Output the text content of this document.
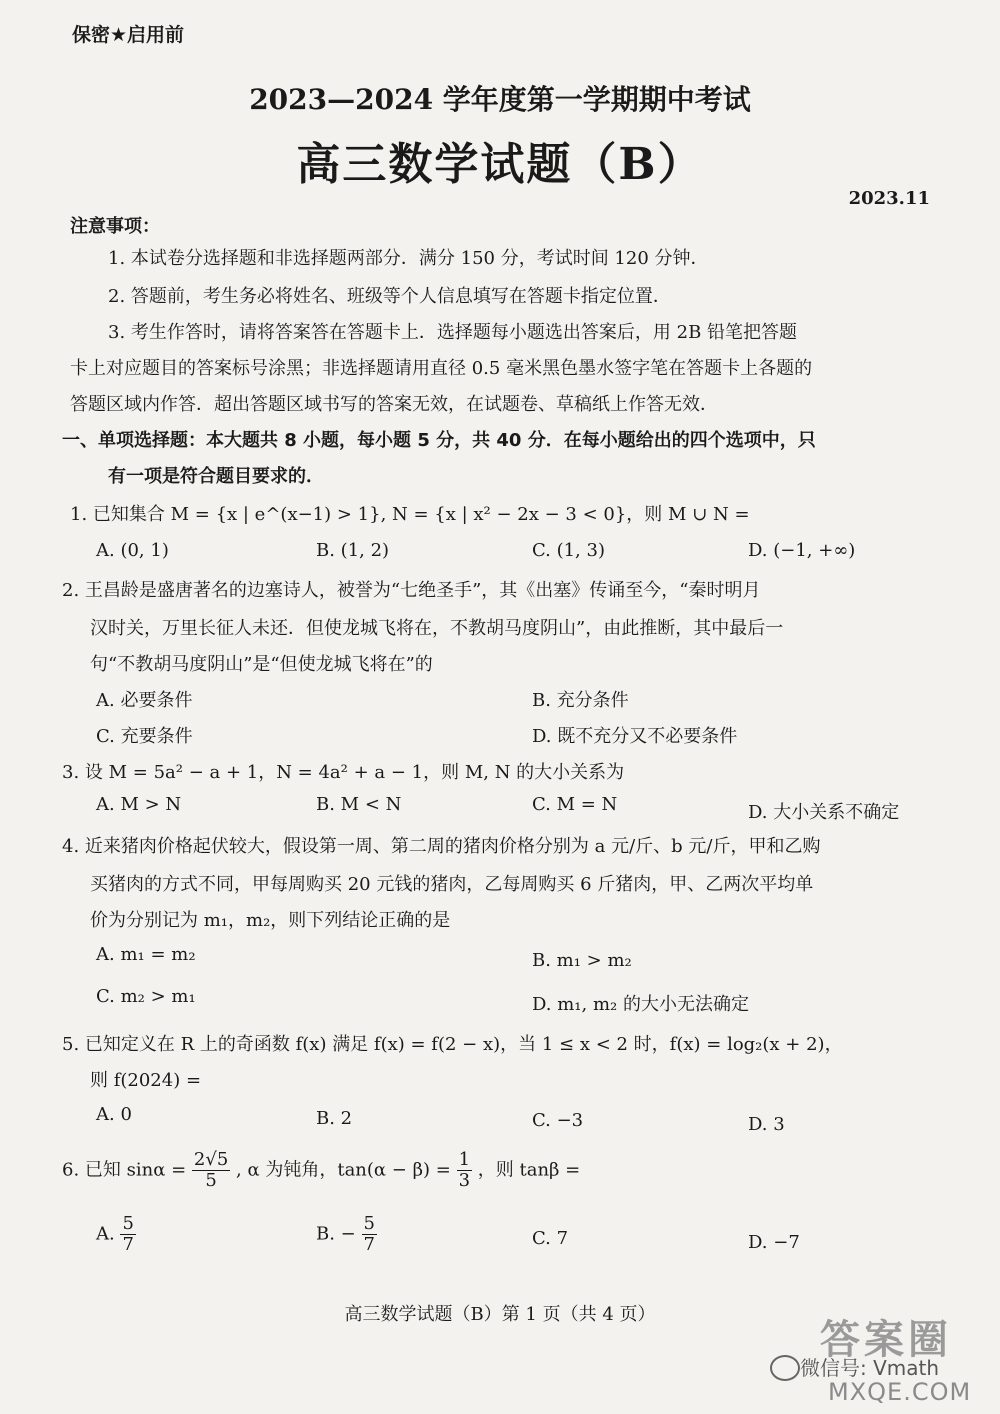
保密★启用前
2023—2024 学年度第一学期期中考试
高三数学试题（B）
2023.11
注意事项：
1. 本试卷分选择题和非选择题两部分．满分 150 分，考试时间 120 分钟．
2. 答题前，考生务必将姓名、班级等个人信息填写在答题卡指定位置．
3. 考生作答时，请将答案答在答题卡上．选择题每小题选出答案后，用 2B 铅笔把答题
卡上对应题目的答案标号涂黑；非选择题请用直径 0.5 毫米黑色墨水签字笔在答题卡上各题的
答题区域内作答．超出答题区域书写的答案无效，在试题卷、草稿纸上作答无效．
一、单项选择题：本大题共 8 小题，每小题 5 分，共 40 分．在每小题给出的四个选项中，只
有一项是符合题目要求的．
1. 已知集合 M = {x | e^(x−1) > 1}, N = {x | x² − 2x − 3 < 0}，则 M ∪ N =
A. (0, 1)	B. (1, 2)	C. (1, 3)	D. (−1, +∞)
2. 王昌龄是盛唐著名的边塞诗人，被誉为“七绝圣手”，其《出塞》传诵至今，“秦时明月
汉时关，万里长征人未还．但使龙城飞将在，不教胡马度阴山”，由此推断，其中最后一
句“不教胡马度阴山”是“但使龙城飞将在”的
A. 必要条件	B. 充分条件
C. 充要条件	D. 既不充分又不必要条件
3. 设 M = 5a² − a + 1，N = 4a² + a − 1，则 M, N 的大小关系为
A. M > N	B. M < N	C. M = N	D. 大小关系不确定
4. 近来猪肉价格起伏较大，假设第一周、第二周的猪肉价格分别为 a 元/斤、b 元/斤，甲和乙购
买猪肉的方式不同，甲每周购买 20 元钱的猪肉，乙每周购买 6 斤猪肉，甲、乙两次平均单
价为分别记为 m₁，m₂，则下列结论正确的是
A. m₁ = m₂	B. m₁ > m₂
C. m₂ > m₁	D. m₁, m₂ 的大小无法确定
5. 已知定义在 R 上的奇函数 f(x) 满足 f(x) = f(2 − x)，当 1 ≤ x < 2 时，f(x) = log₂(x + 2)，
则 f(2024) =
A. 0	B. 2	C. −3	D. 3
6. 已知 $\sin\alpha = \frac{2√5}{5}$ , α 为钝角，$\tan(\alpha - \beta) = \frac{1}{3}$ ，则 tanβ =
A. $\frac{5}{7}$	B. − $\frac{5}{7}$	C. 7	D. −7
高三数学试题（B）第 1 页（共 4 页）
答案圈
微信号: Vmath
MXQE.COM
